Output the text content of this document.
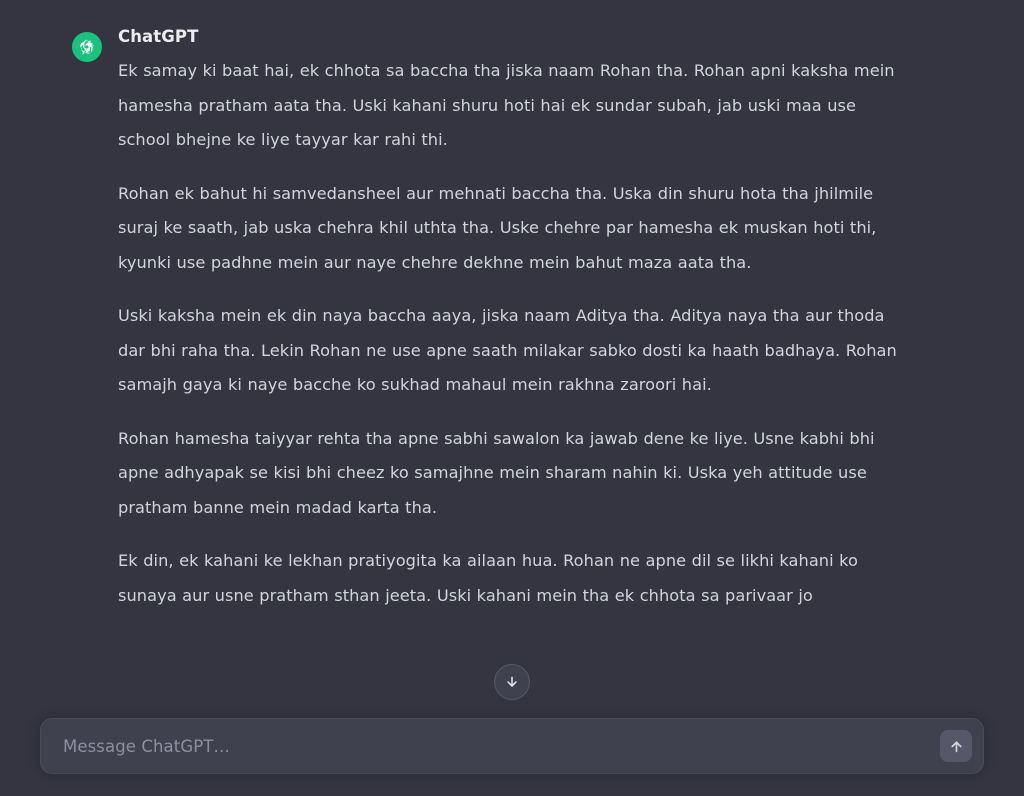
ChatGPT

Ek samay ki baat hai, ek chhota sa baccha tha jiska naam Rohan tha. Rohan apni kaksha mein hamesha pratham aata tha. Uski kahani shuru hoti hai ek sundar subah, jab uski maa use school bhejne ke liye tayyar kar rahi thi.

Rohan ek bahut hi samvedansheel aur mehnati baccha tha. Uska din shuru hota tha jhilmile suraj ke saath, jab uska chehra khil uthta tha. Uske chehre par hamesha ek muskan hoti thi, kyunki use padhne mein aur naye chehre dekhne mein bahut maza aata tha.

Uski kaksha mein ek din naya baccha aaya, jiska naam Aditya tha. Aditya naya tha aur thoda dar bhi raha tha. Lekin Rohan ne use apne saath milakar sabko dosti ka haath badhaya. Rohan samajh gaya ki naye bacche ko sukhad mahaul mein rakhna zaroori hai.

Rohan hamesha taiyyar rehta tha apne sabhi sawalon ka jawab dene ke liye. Usne kabhi bhi apne adhyapak se kisi bhi cheez ko samajhne mein sharam nahin ki. Uska yeh attitude use pratham banne mein madad karta tha.

Ek din, ek kahani ke lekhan pratiyogita ka ailaan hua. Rohan ne apne dil se likhi kahani ko sunaya aur usne pratham sthan jeeta. Uski kahani mein tha ek chhota sa parivaar jo

Message ChatGPT…
